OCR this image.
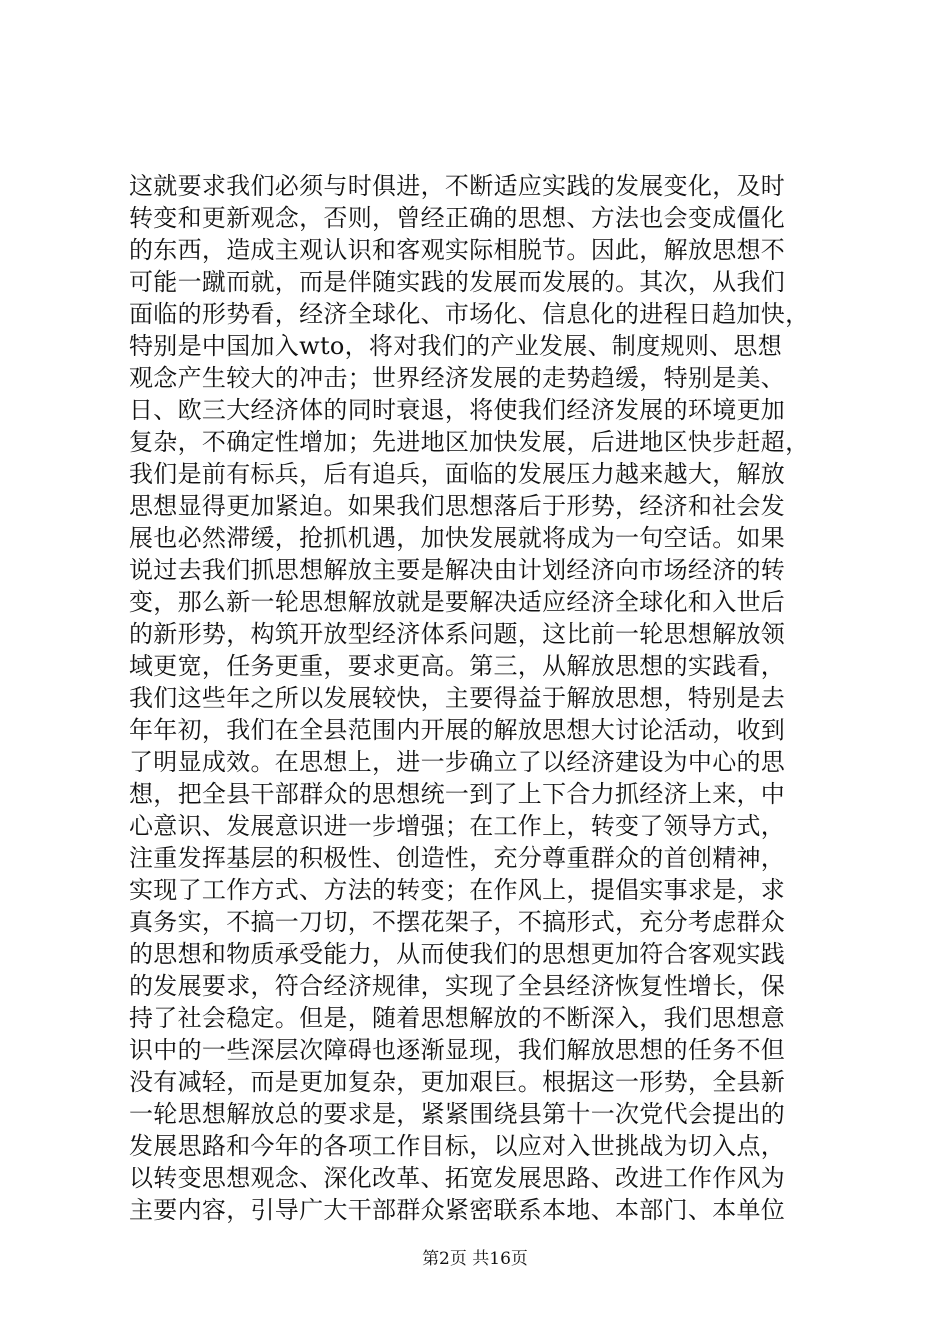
这就要求我们必须与时俱进，不断适应实践的发展变化，及时
转变和更新观念，否则，曾经正确的思想、方法也会变成僵化
的东西，造成主观认识和客观实际相脱节。因此，解放思想不
可能一蹴而就，而是伴随实践的发展而发展的。其次，从我们
面临的形势看，经济全球化、市场化、信息化的进程日趋加快，
特别是中国加入wto，将对我们的产业发展、制度规则、思想
观念产生较大的冲击；世界经济发展的走势趋缓，特别是美、
日、欧三大经济体的同时衰退，将使我们经济发展的环境更加
复杂，不确定性增加；先进地区加快发展，后进地区快步赶超，
我们是前有标兵，后有追兵，面临的发展压力越来越大，解放
思想显得更加紧迫。如果我们思想落后于形势，经济和社会发
展也必然滞缓，抢抓机遇，加快发展就将成为一句空话。如果
说过去我们抓思想解放主要是解决由计划经济向市场经济的转
变，那么新一轮思想解放就是要解决适应经济全球化和入世后
的新形势，构筑开放型经济体系问题，这比前一轮思想解放领
域更宽，任务更重，要求更高。第三，从解放思想的实践看，
我们这些年之所以发展较快，主要得益于解放思想，特别是去
年年初，我们在全县范围内开展的解放思想大讨论活动，收到
了明显成效。在思想上，进一步确立了以经济建设为中心的思
想，把全县干部群众的思想统一到了上下合力抓经济上来，中
心意识、发展意识进一步增强；在工作上，转变了领导方式，
注重发挥基层的积极性、创造性，充分尊重群众的首创精神，
实现了工作方式、方法的转变；在作风上，提倡实事求是，求
真务实，不搞一刀切，不摆花架子，不搞形式，充分考虑群众
的思想和物质承受能力，从而使我们的思想更加符合客观实践
的发展要求，符合经济规律，实现了全县经济恢复性增长，保
持了社会稳定。但是，随着思想解放的不断深入，我们思想意
识中的一些深层次障碍也逐渐显现，我们解放思想的任务不但
没有减轻，而是更加复杂，更加艰巨。根据这一形势，全县新
一轮思想解放总的要求是，紧紧围绕县第十一次党代会提出的
发展思路和今年的各项工作目标，以应对入世挑战为切入点，
以转变思想观念、深化改革、拓宽发展思路、改进工作作风为
主要内容，引导广大干部群众紧密联系本地、本部门、本单位
第2页 共16页
